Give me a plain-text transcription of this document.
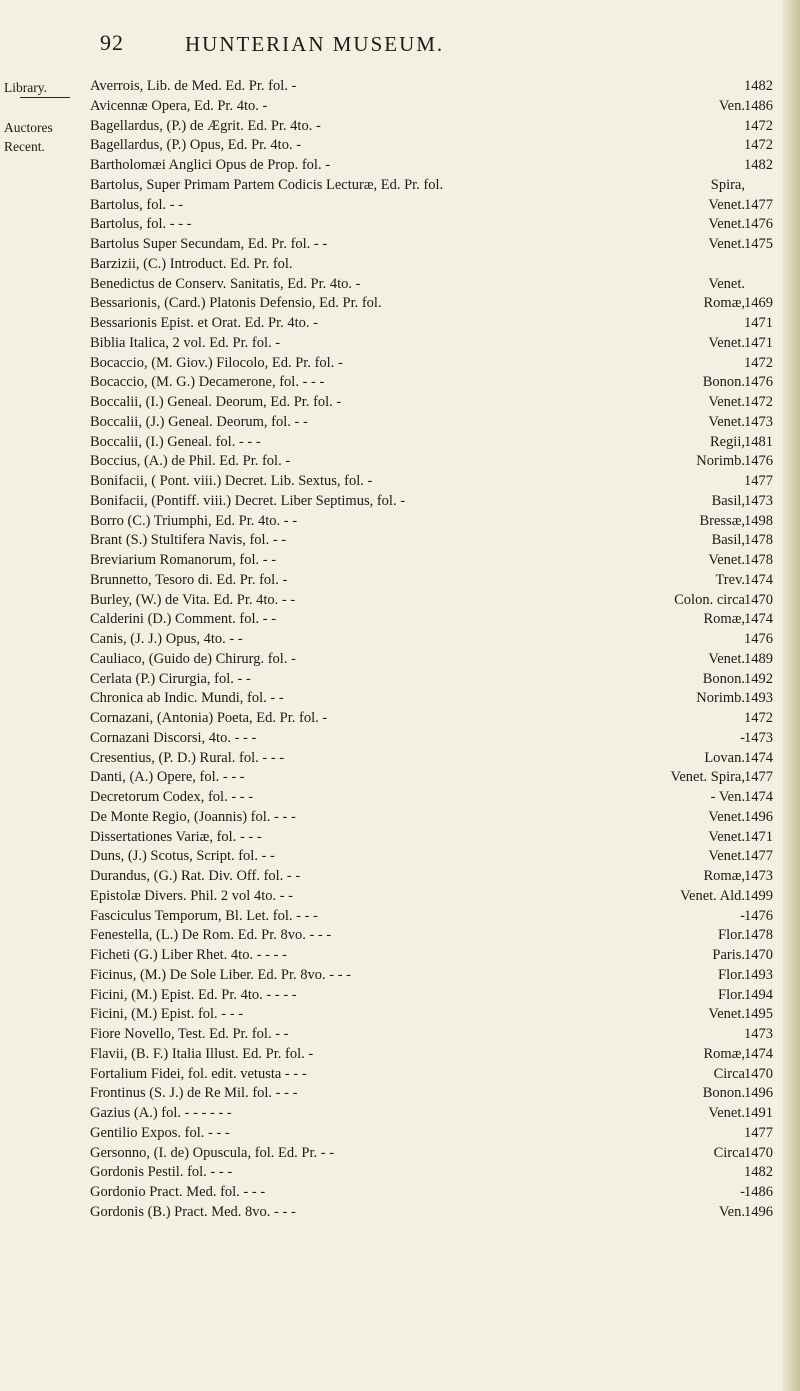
92	HUNTERIAN MUSEUM.
Library.
Auctores
Recent.
Averrois, Lib. de Med. Ed. Pr. fol. -	1482
Avicennæ Opera, Ed. Pr. 4to. -	Ven. 1486
Bagellardus, (P.) de Ægrit. Ed. Pr. 4to. -	1472
Bagellardus, (P.) Opus, Ed. Pr. 4to. -	1472
Bartholomæi Anglici Opus de Prop. fol. -	1482
Bartolus, Super Primam Partem Codicis Lecturæ, Ed. Pr. fol.	Spira,
Bartolus, fol. - -	Venet. 1477
Bartolus, fol. - - -	Venet. 1476
Bartolus Super Secundam, Ed. Pr. fol. - -	Venet. 1475
Barzizii, (C.) Introduct. Ed. Pr. fol.
Benedictus de Conserv. Sanitatis, Ed. Pr. 4to. -	Venet.
Bessarionis, (Card.) Platonis Defensio, Ed. Pr. fol.	Romæ, 1469
Bessarionis Epist. et Orat. Ed. Pr. 4to. -	1471
Biblia Italica, 2 vol. Ed. Pr. fol. -	Venet. 1471
Bocaccio, (M. Giov.) Filocolo, Ed. Pr. fol. -	1472
Bocaccio, (M. G.) Decamerone, fol. - - -	Bonon. 1476
Boccalii, (I.) Geneal. Deorum, Ed. Pr. fol. -	Venet. 1472
Boccalii, (J.) Geneal. Deorum, fol. - -	Venet. 1473
Boccalii, (I.) Geneal. fol. - - -	Regii, 1481
Boccius, (A.) de Phil. Ed. Pr. fol. -	Norimb. 1476
Bonifacii, ( Pont. viii.) Decret. Lib. Sextus, fol. -	1477
Bonifacii, (Pontiff. viii.) Decret. Liber Septimus, fol. -	Basil, 1473
Borro (C.) Triumphi, Ed. Pr. 4to. - -	Bressæ, 1498
Brant (S.) Stultifera Navis, fol. - -	Basil, 1478
Breviarium Romanorum, fol. - -	Venet. 1478
Brunnetto, Tesoro di. Ed. Pr. fol. -	Trev. 1474
Burley, (W.) de Vita. Ed. Pr. 4to. - -	Colon. circa 1470
Calderini (D.) Comment. fol. - -	Romæ, 1474
Canis, (J. J.) Opus, 4to. - -	1476
Cauliaco, (Guido de) Chirurg. fol. -	Venet. 1489
Cerlata (P.) Cirurgia, fol. - -	Bonon. 1492
Chronica ab Indic. Mundi, fol. - -	Norimb. 1493
Cornazani, (Antonia) Poeta, Ed. Pr. fol. -	1472
Cornazani Discorsi, 4to. - - -	- 1473
Cresentius, (P. D.) Rural. fol. - - -	Lovan. 1474
Danti, (A.) Opere, fol. - - -	Venet. Spira, 1477
Decretorum Codex, fol. - - -	- Ven. 1474
De Monte Regio, (Joannis) fol. - - -	Venet. 1496
Dissertationes Variæ, fol. - - -	Venet. 1471
Duns, (J.) Scotus, Script. fol. - -	Venet. 1477
Durandus, (G.) Rat. Div. Off. fol. - -	Romæ, 1473
Epistolæ Divers. Phil. 2 vol 4to. - -	Venet. Ald. 1499
Fasciculus Temporum, Bl. Let. fol. - - -	- 1476
Fenestella, (L.) De Rom. Ed. Pr. 8vo. - - -	Flor. 1478
Ficheti (G.) Liber Rhet. 4to. - - - -	Paris. 1470
Ficinus, (M.) De Sole Liber. Ed. Pr. 8vo. - - -	Flor. 1493
Ficini, (M.) Epist. Ed. Pr. 4to. - - - -	Flor. 1494
Ficini, (M.) Epist. fol. - - -	Venet. 1495
Fiore Novello, Test. Ed. Pr. fol. - -	1473
Flavii, (B. F.) Italia Illust. Ed. Pr. fol. -	Romæ, 1474
Fortalium Fidei, fol. edit. vetusta - - -	Circa 1470
Frontinus (S. J.) de Re Mil. fol. - - -	Bonon. 1496
Gazius (A.) fol. - - - - - -	Venet. 1491
Gentilio Expos. fol. - - -	1477
Gersonno, (I. de) Opuscula, fol. Ed. Pr. - -	Circa 1470
Gordonis Pestil. fol. - - -	1482
Gordonio Pract. Med. fol. - - -	- 1486
Gordonis (B.) Pract. Med. 8vo. - - -	Ven. 1496
